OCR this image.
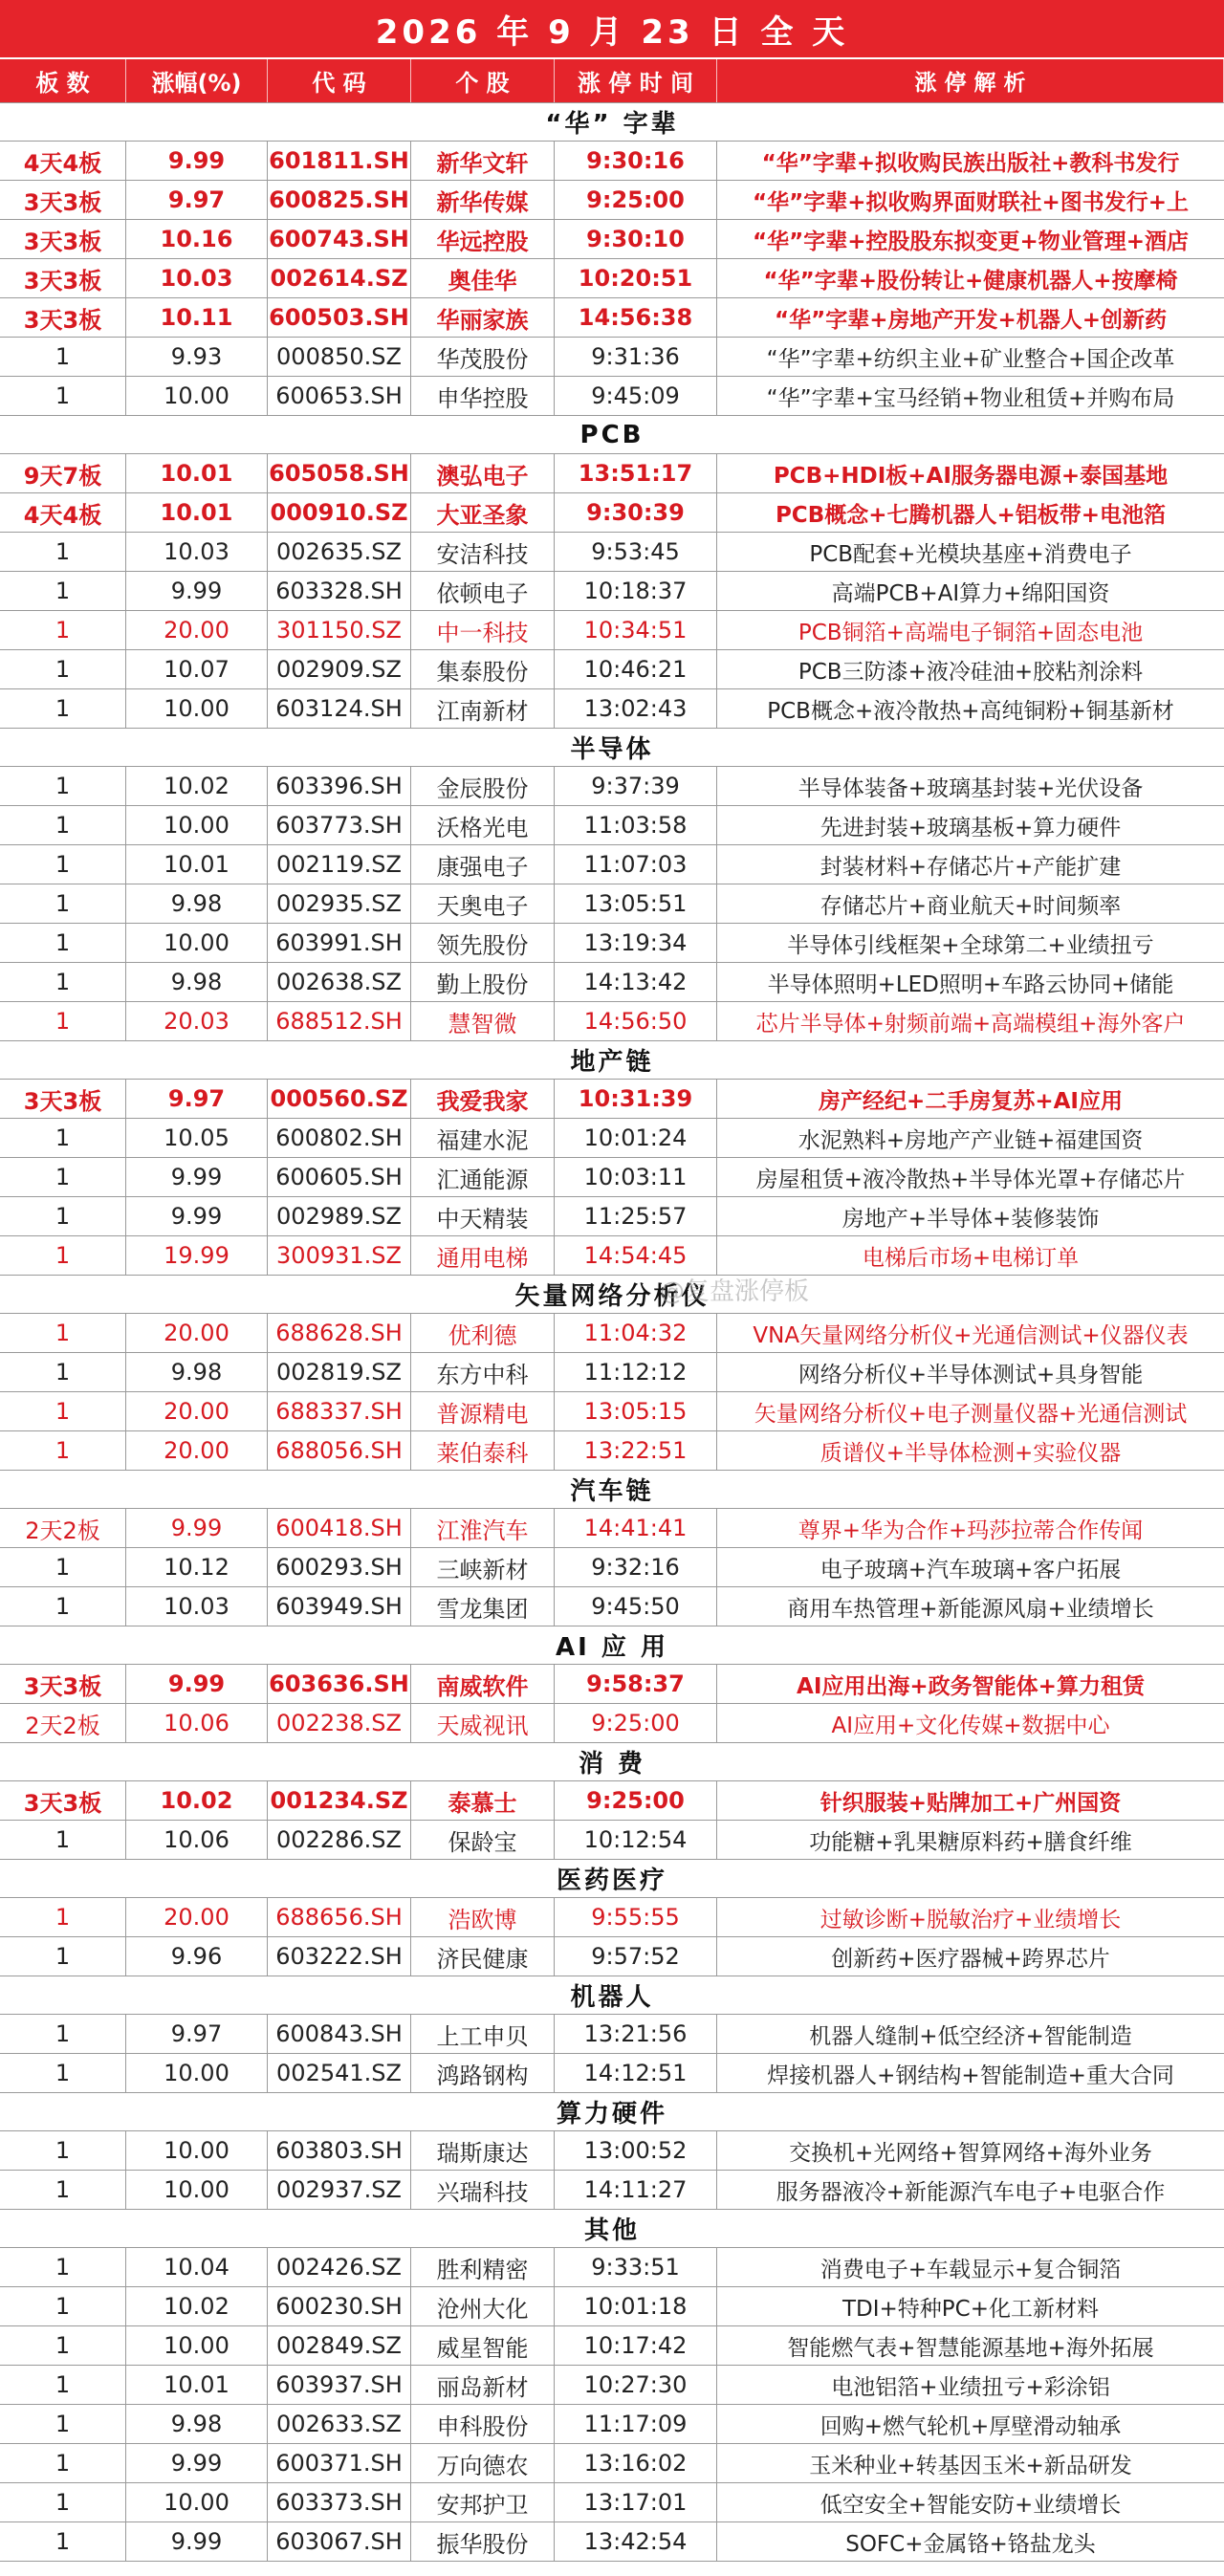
2026 年 9 月 23 日 全 天
板 数	涨幅(%)	代 码	个 股	涨 停 时 间	涨 停 解 析
“华” 字辈
4天4板	9.99	601811.SH	新华文轩	9:30:16	“华”字辈+拟收购民族出版社+教科书发行
3天3板	9.97	600825.SH	新华传媒	9:25:00	“华”字辈+拟收购界面财联社+图书发行+上
3天3板	10.16	600743.SH	华远控股	9:30:10	“华”字辈+控股股东拟变更+物业管理+酒店
3天3板	10.03	002614.SZ	奥佳华	10:20:51	“华”字辈+股份转让+健康机器人+按摩椅
3天3板	10.11	600503.SH	华丽家族	14:56:38	“华”字辈+房地产开发+机器人+创新药
1	9.93	000850.SZ	华茂股份	9:31:36	“华”字辈+纺织主业+矿业整合+国企改革
1	10.00	600653.SH	申华控股	9:45:09	“华”字辈+宝马经销+物业租赁+并购布局
PCB
9天7板	10.01	605058.SH	澳弘电子	13:51:17	PCB+HDI板+AI服务器电源+泰国基地
4天4板	10.01	000910.SZ	大亚圣象	9:30:39	PCB概念+七腾机器人+铝板带+电池箔
1	10.03	002635.SZ	安洁科技	9:53:45	PCB配套+光模块基座+消费电子
1	9.99	603328.SH	依顿电子	10:18:37	高端PCB+AI算力+绵阳国资
1	20.00	301150.SZ	中一科技	10:34:51	PCB铜箔+高端电子铜箔+固态电池
1	10.07	002909.SZ	集泰股份	10:46:21	PCB三防漆+液冷硅油+胶粘剂涂料
1	10.00	603124.SH	江南新材	13:02:43	PCB概念+液冷散热+高纯铜粉+铜基新材
半导体
1	10.02	603396.SH	金辰股份	9:37:39	半导体装备+玻璃基封装+光伏设备
1	10.00	603773.SH	沃格光电	11:03:58	先进封装+玻璃基板+算力硬件
1	10.01	002119.SZ	康强电子	11:07:03	封装材料+存储芯片+产能扩建
1	9.98	002935.SZ	天奥电子	13:05:51	存储芯片+商业航天+时间频率
1	10.00	603991.SH	领先股份	13:19:34	半导体引线框架+全球第二+业绩扭亏
1	9.98	002638.SZ	勤上股份	14:13:42	半导体照明+LED照明+车路云协同+储能
1	20.03	688512.SH	慧智微	14:56:50	芯片半导体+射频前端+高端模组+海外客户
地产链
3天3板	9.97	000560.SZ	我爱我家	10:31:39	房产经纪+二手房复苏+AI应用
1	10.05	600802.SH	福建水泥	10:01:24	水泥熟料+房地产产业链+福建国资
1	9.99	600605.SH	汇通能源	10:03:11	房屋租赁+液冷散热+半导体光罩+存储芯片
1	9.99	002989.SZ	中天精装	11:25:57	房地产+半导体+装修装饰
1	19.99	300931.SZ	通用电梯	14:54:45	电梯后市场+电梯订单
矢量网络分析仪
1	20.00	688628.SH	优利德	11:04:32	VNA矢量网络分析仪+光通信测试+仪器仪表
1	9.98	002819.SZ	东方中科	11:12:12	网络分析仪+半导体测试+具身智能
1	20.00	688337.SH	普源精电	13:05:15	矢量网络分析仪+电子测量仪器+光通信测试
1	20.00	688056.SH	莱伯泰科	13:22:51	质谱仪+半导体检测+实验仪器
汽车链
2天2板	9.99	600418.SH	江淮汽车	14:41:41	尊界+华为合作+玛莎拉蒂合作传闻
1	10.12	600293.SH	三峡新材	9:32:16	电子玻璃+汽车玻璃+客户拓展
1	10.03	603949.SH	雪龙集团	9:45:50	商用车热管理+新能源风扇+业绩增长
AI 应 用
3天3板	9.99	603636.SH	南威软件	9:58:37	AI应用出海+政务智能体+算力租赁
2天2板	10.06	002238.SZ	天威视讯	9:25:00	AI应用+文化传媒+数据中心
消 费
3天3板	10.02	001234.SZ	泰慕士	9:25:00	针织服装+贴牌加工+广州国资
1	10.06	002286.SZ	保龄宝	10:12:54	功能糖+乳果糖原料药+膳食纤维
医药医疗
1	20.00	688656.SH	浩欧博	9:55:55	过敏诊断+脱敏治疗+业绩增长
1	9.96	603222.SH	济民健康	9:57:52	创新药+医疗器械+跨界芯片
机器人
1	9.97	600843.SH	上工申贝	13:21:56	机器人缝制+低空经济+智能制造
1	10.00	002541.SZ	鸿路钢构	14:12:51	焊接机器人+钢结构+智能制造+重大合同
算力硬件
1	10.00	603803.SH	瑞斯康达	13:00:52	交换机+光网络+智算网络+海外业务
1	10.00	002937.SZ	兴瑞科技	14:11:27	服务器液冷+新能源汽车电子+电驱合作
其他
1	10.04	002426.SZ	胜利精密	9:33:51	消费电子+车载显示+复合铜箔
1	10.02	600230.SH	沧州大化	10:01:18	TDI+特种PC+化工新材料
1	10.00	002849.SZ	威星智能	10:17:42	智能燃气表+智慧能源基地+海外拓展
1	10.01	603937.SH	丽岛新材	10:27:30	电池铝箔+业绩扭亏+彩涂铝
1	9.98	002633.SZ	申科股份	11:17:09	回购+燃气轮机+厚壁滑动轴承
1	9.99	600371.SH	万向德农	13:16:02	玉米种业+转基因玉米+新品研发
1	10.00	603373.SH	安邦护卫	13:17:01	低空安全+智能安防+业绩增长
1	9.99	603067.SH	振华股份	13:42:54	SOFC+金属铬+铬盐龙头
@复盘涨停板
